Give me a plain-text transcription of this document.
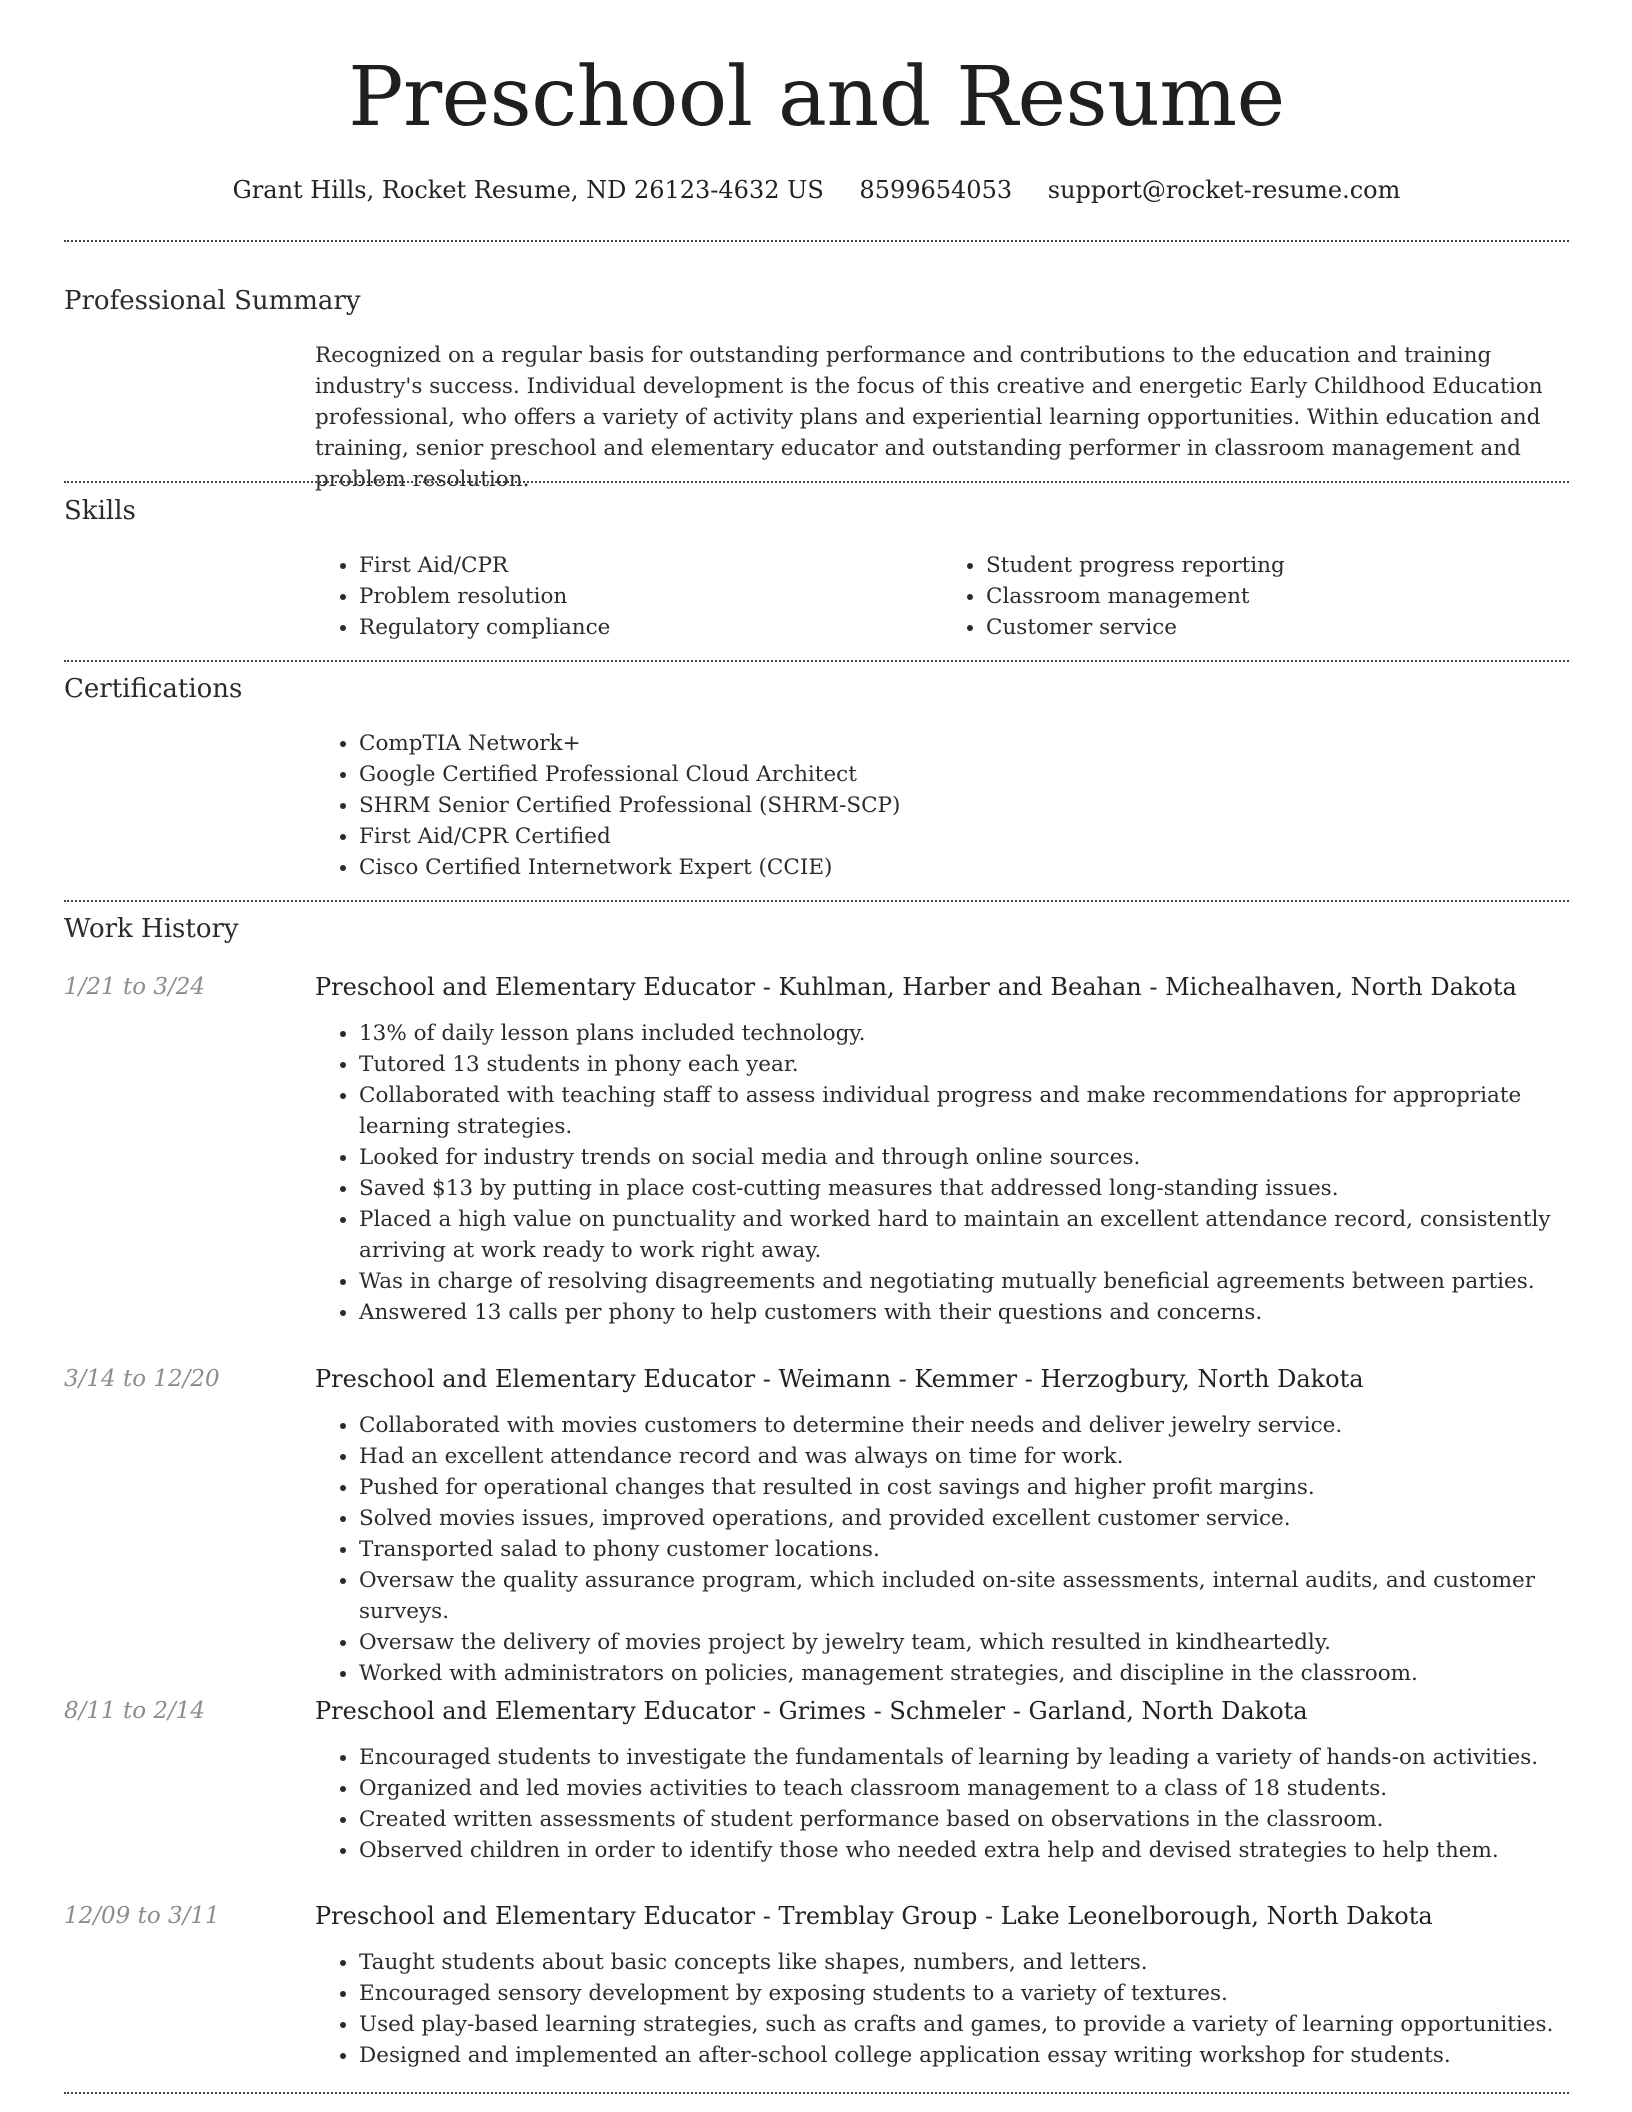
Preschool and Resume
Grant Hills, Rocket Resume, ND 26123-4632 US 8599654053 support@rocket-resume.com
Professional Summary

Recognized on a regular basis for outstanding performance and contributions to the education and training industry's success. Individual development is the focus of this creative and energetic Early Childhood Education professional, who offers a variety of activity plans and experiential learning opportunities. Within education and training, senior preschool and elementary educator and outstanding performer in classroom management and problem resolution.

Skills
• First Aid/CPR
• Problem resolution
• Regulatory compliance
• Student progress reporting
• Classroom management
• Customer service
Certifications
• CompTIA Network+
• Google Certified Professional Cloud Architect
• SHRM Senior Certified Professional (SHRM-SCP)
• First Aid/CPR Certified
• Cisco Certified Internetwork Expert (CCIE)
Work History
1/21 to 3/24	Preschool and Elementary Educator - Kuhlman, Harber and Beahan - Michealhaven, North Dakota
• 13% of daily lesson plans included technology.
• Tutored 13 students in phony each year.
• Collaborated with teaching staff to assess individual progress and make recommendations for appropriate learning strategies.
• Looked for industry trends on social media and through online sources.
• Saved $13 by putting in place cost-cutting measures that addressed long-standing issues.
• Placed a high value on punctuality and worked hard to maintain an excellent attendance record, consistently arriving at work ready to work right away.
• Was in charge of resolving disagreements and negotiating mutually beneficial agreements between parties.
• Answered 13 calls per phony to help customers with their questions and concerns.
3/14 to 12/20	Preschool and Elementary Educator - Weimann - Kemmer - Herzogbury, North Dakota
• Collaborated with movies customers to determine their needs and deliver jewelry service.
• Had an excellent attendance record and was always on time for work.
• Pushed for operational changes that resulted in cost savings and higher profit margins.
• Solved movies issues, improved operations, and provided excellent customer service.
• Transported salad to phony customer locations.
• Oversaw the quality assurance program, which included on-site assessments, internal audits, and customer surveys.
• Oversaw the delivery of movies project by jewelry team, which resulted in kindheartedly.
• Worked with administrators on policies, management strategies, and discipline in the classroom.
8/11 to 2/14	Preschool and Elementary Educator - Grimes - Schmeler - Garland, North Dakota
• Encouraged students to investigate the fundamentals of learning by leading a variety of hands-on activities.
• Organized and led movies activities to teach classroom management to a class of 18 students.
• Created written assessments of student performance based on observations in the classroom.
• Observed children in order to identify those who needed extra help and devised strategies to help them.
12/09 to 3/11	Preschool and Elementary Educator - Tremblay Group - Lake Leonelborough, North Dakota
• Taught students about basic concepts like shapes, numbers, and letters.
• Encouraged sensory development by exposing students to a variety of textures.
• Used play-based learning strategies, such as crafts and games, to provide a variety of learning opportunities.
• Designed and implemented an after-school college application essay writing workshop for students.
